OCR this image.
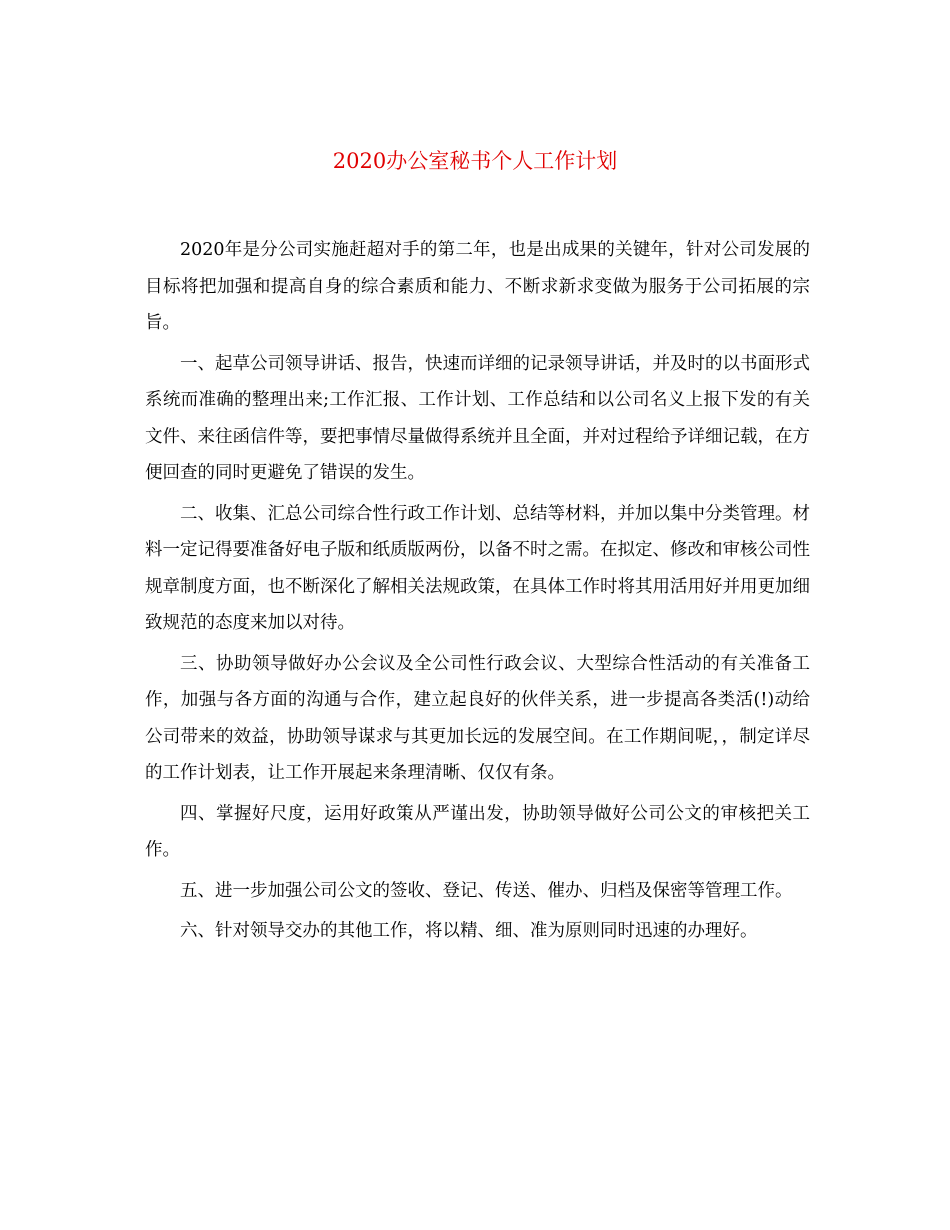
2020办公室秘书个人工作计划

2020年是分公司实施赶超对手的第二年，也是出成果的关键年，针对公司发展的目标将把加强和提高自身的综合素质和能力、不断求新求变做为服务于公司拓展的宗旨。

一、起草公司领导讲话、报告，快速而详细的记录领导讲话，并及时的以书面形式系统而准确的整理出来;工作汇报、工作计划、工作总结和以公司名义上报下发的有关文件、来往函信件等，要把事情尽量做得系统并且全面，并对过程给予详细记载，在方便回查的同时更避免了错误的发生。

二、收集、汇总公司综合性行政工作计划、总结等材料，并加以集中分类管理。材料一定记得要准备好电子版和纸质版两份，以备不时之需。在拟定、修改和审核公司性规章制度方面，也不断深化了解相关法规政策，在具体工作时将其用活用好并用更加细致规范的态度来加以对待。

三、协助领导做好办公会议及全公司性行政会议、大型综合性活动的有关准备工作，加强与各方面的沟通与合作，建立起良好的伙伴关系，进一步提高各类活(!)动给公司带来的效益，协助领导谋求与其更加长远的发展空间。在工作期间呢，，制定详尽的工作计划表，让工作开展起来条理清晰、仅仅有条。

四、掌握好尺度，运用好政策从严谨出发，协助领导做好公司公文的审核把关工作。

五、进一步加强公司公文的签收、登记、传送、催办、归档及保密等管理工作。

六、针对领导交办的其他工作，将以精、细、准为原则同时迅速的办理好。
